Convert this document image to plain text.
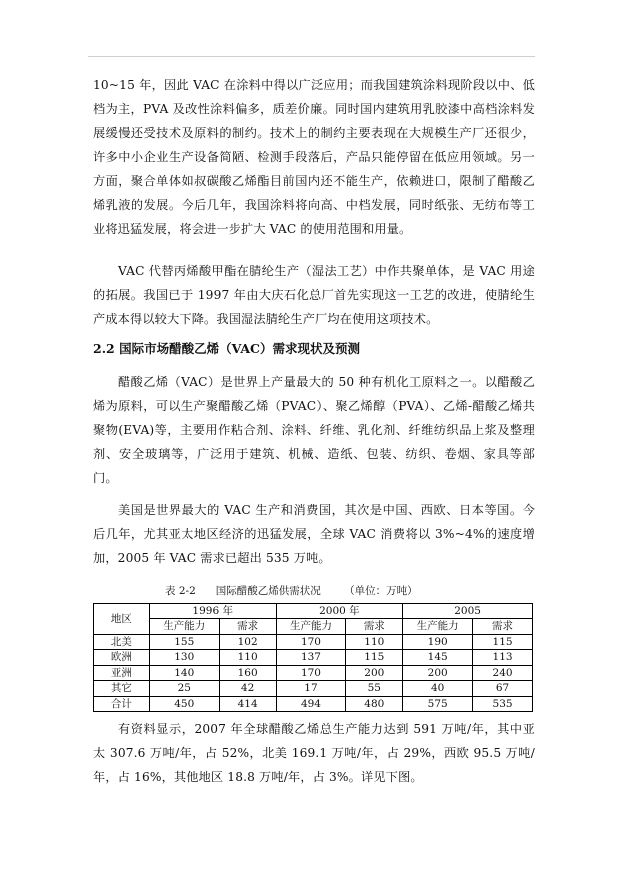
10~15 年，因此 VAC 在涂料中得以广泛应用；而我国建筑涂料现阶段以中、低档为主，PVA 及改性涂料偏多，质差价廉。同时国内建筑用乳胶漆中高档涂料发展缓慢还受技术及原料的制约。技术上的制约主要表现在大规模生产厂还很少，许多中小企业生产设备简陋、检测手段落后，产品只能停留在低应用领域。另一方面，聚合单体如叔碳酸乙烯酯目前国内还不能生产，依赖进口，限制了醋酸乙烯乳液的发展。今后几年，我国涂料将向高、中档发展，同时纸张、无纺布等工业将迅猛发展，将会进一步扩大 VAC 的使用范围和用量。

VAC 代替丙烯酸甲酯在腈纶生产（湿法工艺）中作共聚单体，是 VAC 用途的拓展。我国已于 1997 年由大庆石化总厂首先实现这一工艺的改进，使腈纶生产成本得以较大下降。我国湿法腈纶生产厂均在使用这项技术。

2.2 国际市场醋酸乙烯（VAC）需求现状及预测

醋酸乙烯（VAC）是世界上产量最大的 50 种有机化工原料之一。以醋酸乙烯为原料，可以生产聚醋酸乙烯（PVAC）、聚乙烯醇（PVA）、乙烯-醋酸乙烯共聚物(EVA)等，主要用作粘合剂、涂料、纤维、乳化剂、纤维纺织品上浆及整理剂、安全玻璃等，广泛用于建筑、机械、造纸、包装、纺织、卷烟、家具等部门。

美国是世界最大的 VAC 生产和消费国，其次是中国、西欧、日本等国。今后几年，尤其亚太地区经济的迅猛发展，全球 VAC 消费将以 3%~4%的速度增加，2005 年 VAC 需求已超出 535 万吨。

表 2-2      国际醋酸乙烯供需状况       （单位：万吨）
地区	1996 年		2000 年		2005	
	生产能力	需求	生产能力	需求	生产能力	需求
北美	155	102	170	110	190	115
欧洲	130	110	137	115	145	113
亚洲	140	160	170	200	200	240
其它	25	42	17	55	40	67
合计	450	414	494	480	575	535

有资料显示，2007 年全球醋酸乙烯总生产能力达到 591 万吨/年，其中亚太 307.6 万吨/年，占 52%，北美 169.1 万吨/年，占 29%，西欧 95.5 万吨/年，占 16%，其他地区 18.8 万吨/年，占 3%。详见下图。
